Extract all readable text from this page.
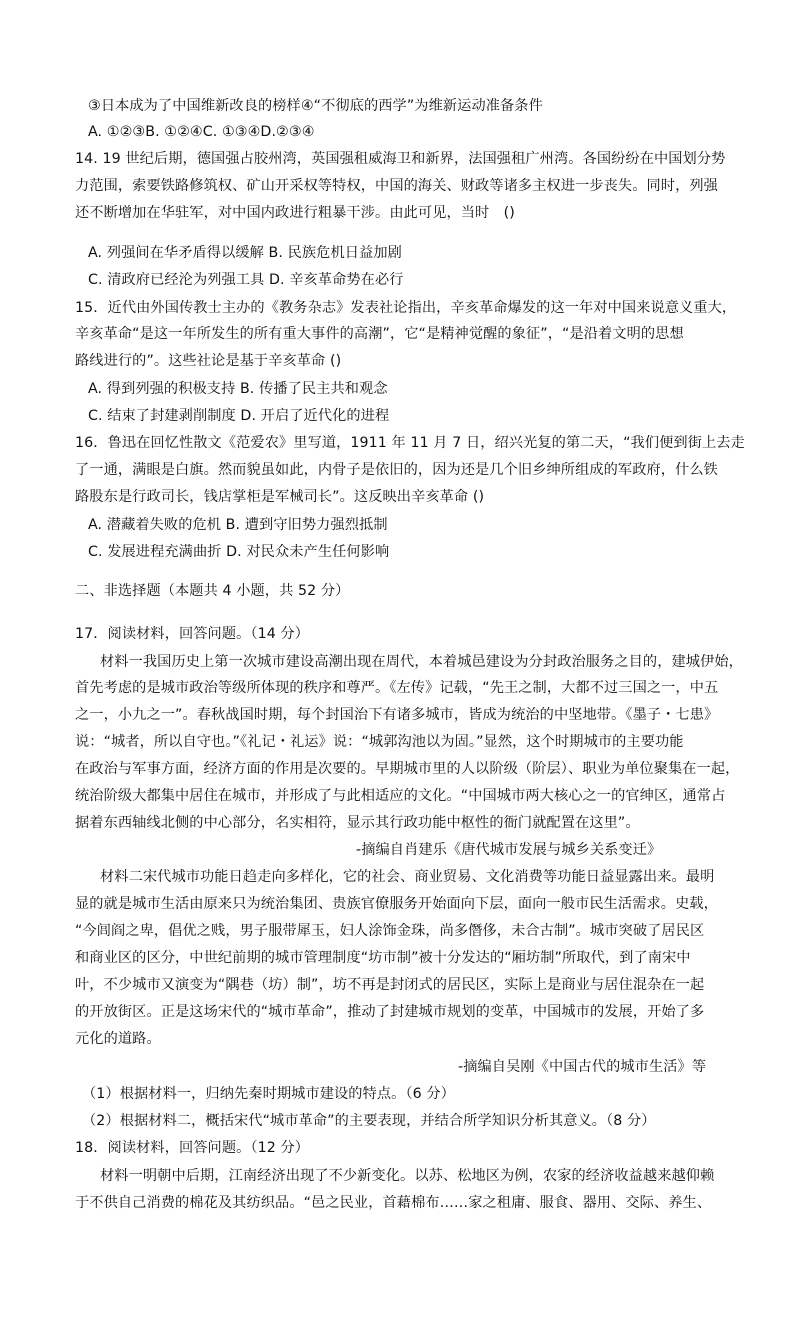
③日本成为了中国维新改良的榜样④“不彻底的西学”为维新运动准备条件
A. ①②③B. ①②④C. ①③④D.②③④
14. 19 世纪后期，德国强占胶州湾，英国强租威海卫和新界，法国强租广州湾。各国纷纷在中国划分势
力范围，索要铁路修筑权、矿山开采权等特权，中国的海关、财政等诸多主权进一步丧失。同时，列强
还不断增加在华驻军，对中国内政进行粗暴干涉。由此可见，当时　()
A. 列强间在华矛盾得以缓解 B. 民族危机日益加剧
C. 清政府已经沦为列强工具 D. 辛亥革命势在必行
15．近代由外国传教士主办的《教务杂志》发表社论指出，辛亥革命爆发的这一年对中国来说意义重大，
辛亥革命“是这一年所发生的所有重大事件的高潮”，它“是精神觉醒的象征”，“是沿着文明的思想
路线进行的”。这些社论是基于辛亥革命 ()
A. 得到列强的积极支持 B. 传播了民主共和观念
C. 结束了封建剥削制度 D. 开启了近代化的进程
16．鲁迅在回忆性散文《范爱农》里写道，1911 年 11 月 7 日，绍兴光复的第二天，“我们便到街上去走
了一通，满眼是白旗。然而貌虽如此，内骨子是依旧的，因为还是几个旧乡绅所组成的军政府，什么铁
路股东是行政司长，钱店掌柜是军械司长”。这反映出辛亥革命 ()
A. 潜藏着失败的危机 B. 遭到守旧势力强烈抵制
C. 发展进程充满曲折 D. 对民众未产生任何影响
二、非选择题（本题共 4 小题，共 52 分）
17．阅读材料，回答问题。（14 分）
材料一我国历史上第一次城市建设高潮出现在周代，本着城邑建设为分封政治服务之目的，建城伊始，
首先考虑的是城市政治等级所体现的秩序和尊严。《左传》记载，“先王之制，大都不过三国之一，中五
之一，小九之一”。春秋战国时期，每个封国治下有诸多城市，皆成为统治的中坚地带。《墨子・七患》
说：“城者，所以自守也。”《礼记・礼运》说：“城郭沟池以为固。”显然，这个时期城市的主要功能
在政治与军事方面，经济方面的作用是次要的。早期城市里的人以阶级（阶层）、职业为单位聚集在一起，
统治阶级大都集中居住在城市，并形成了与此相适应的文化。“中国城市两大核心之一的官绅区，通常占
据着东西轴线北侧的中心部分，名实相符，显示其行政功能中枢性的衙门就配置在这里”。
-摘编自肖建乐《唐代城市发展与城乡关系变迁》
材料二宋代城市功能日趋走向多样化，它的社会、商业贸易、文化消费等功能日益显露出来。最明
显的就是城市生活由原来只为统治集团、贵族官僚服务开始面向下层，面向一般市民生活需求。史载，
“今闾阎之卑，倡优之贱，男子服带犀玉，妇人涂饰金珠，尚多僭侈，未合古制”。城市突破了居民区
和商业区的区分，中世纪前期的城市管理制度“坊市制”被十分发达的“厢坊制”所取代，到了南宋中
叶，不少城市又演变为“隅巷（坊）制”，坊不再是封闭式的居民区，实际上是商业与居住混杂在一起
的开放街区。正是这场宋代的“城市革命”，推动了封建城市规划的变革，中国城市的发展，开始了多
元化的道路。
-摘编自吴刚《中国古代的城市生活》等
（1）根据材料一，归纳先秦时期城市建设的特点。（6 分）
（2）根据材料二，概括宋代“城市革命”的主要表现，并结合所学知识分析其意义。（8 分）
18．阅读材料，回答问题。（12 分）
材料一明朝中后期，江南经济出现了不少新变化。以苏、松地区为例，农家的经济收益越来越仰赖
于不供自己消费的棉花及其纺织品。“邑之民业，首藉棉布……家之租庸、服食、器用、交际、养生、
